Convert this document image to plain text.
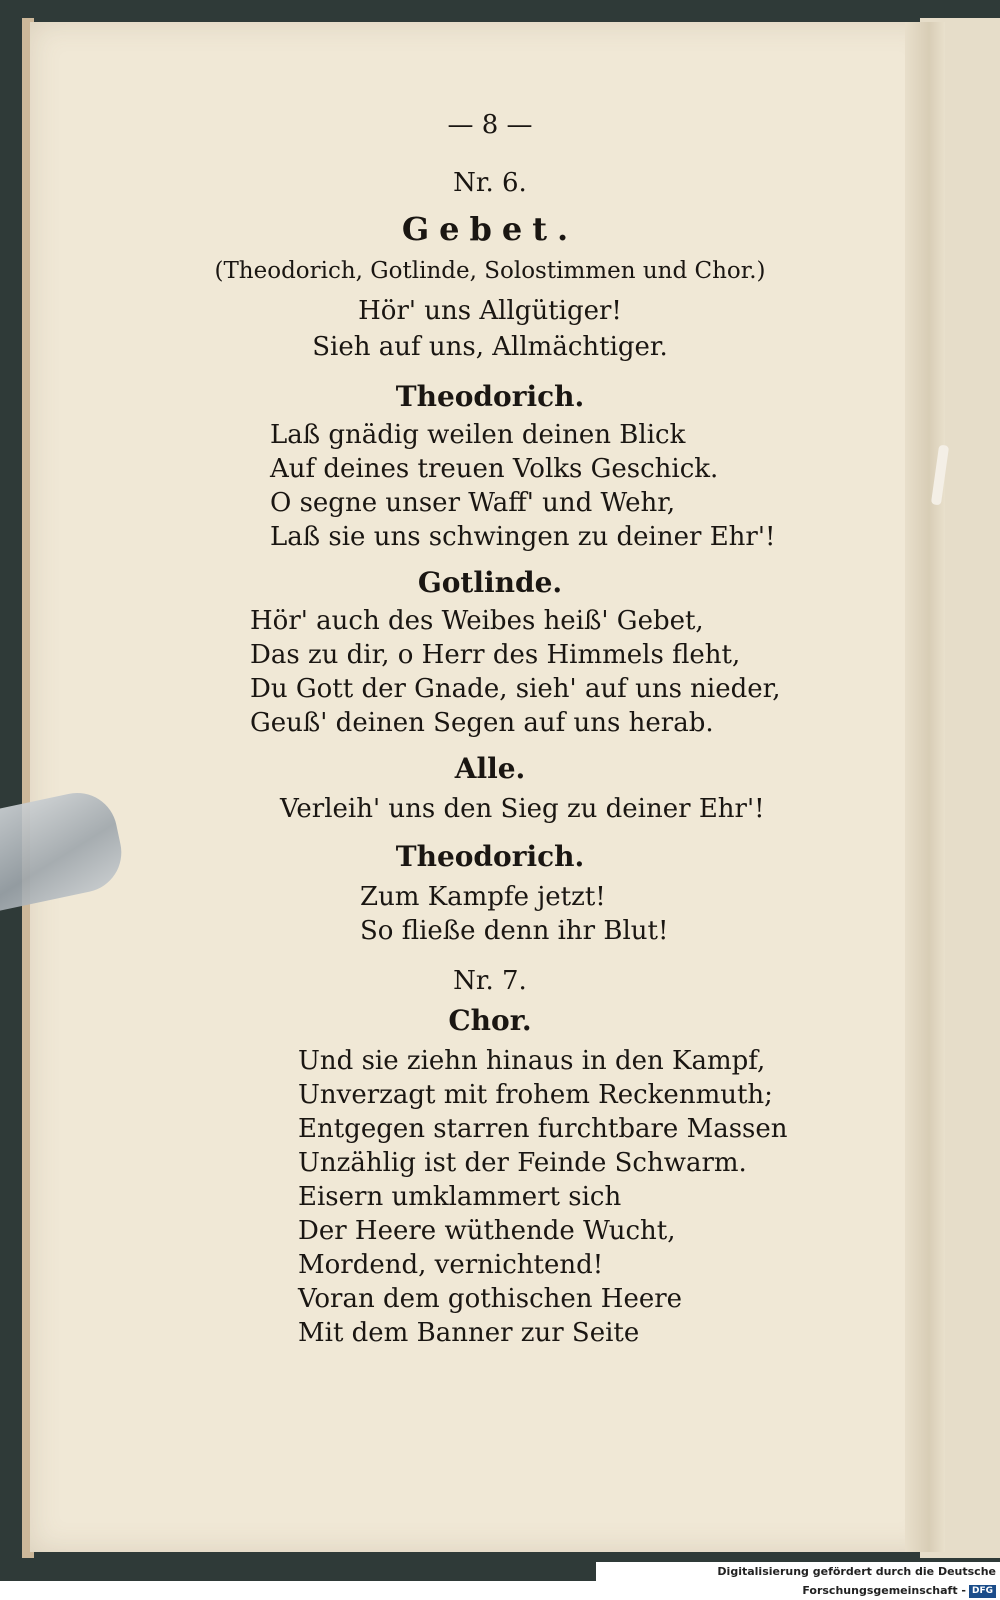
— 8 —
Nr. 6.
Gebet.
(Theodorich, Gotlinde, Solostimmen und Chor.)
Hör' uns Allgütiger!
Sieh auf uns, Allmächtiger.
Theodorich.
Laß gnädig weilen deinen Blick
Auf deines treuen Volks Geschick.
O segne unser Waff' und Wehr,
Laß sie uns schwingen zu deiner Ehr'!
Gotlinde.
Hör' auch des Weibes heiß' Gebet,
Das zu dir, o Herr des Himmels fleht,
Du Gott der Gnade, sieh' auf uns nieder,
Geuß' deinen Segen auf uns herab.
Alle.
Verleih' uns den Sieg zu deiner Ehr'!
Theodorich.
Zum Kampfe jetzt!
So fließe denn ihr Blut!
Nr. 7.
Chor.
Und sie ziehn hinaus in den Kampf,
Unverzagt mit frohem Reckenmuth;
Entgegen starren furchtbare Massen
Unzählig ist der Feinde Schwarm.
Eisern umklammert sich
Der Heere wüthende Wucht,
Mordend, vernichtend!
Voran dem gothischen Heere
Mit dem Banner zur Seite
Digitalisierung gefördert durch die Deutsche Forschungsgemeinschaft - DFG
